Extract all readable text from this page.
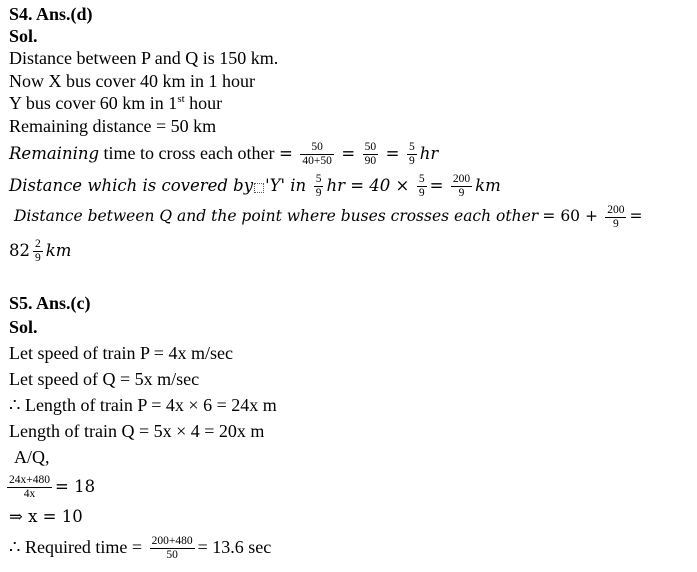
S4. Ans.(d)
Sol.
Distance between P and Q is 150 km.
Now X bus cover 40 km in 1 hour
Y bus cover 60 km in 1st hour
Remaining distance = 50 km
Remaining time to cross each other = $\frac{50}{40+50} = \frac{50}{90} = \frac{5}{9}$ hr
Distance which is covered by 'Y' in $\frac{5}{9}$ hr = $40 \times \frac{5}{9} = \frac{200}{9}$ km
Distance between Q and the point where buses crosses each other = $60 + \frac{200}{9}$ =
$82 \frac{2}{9}$ km
S5. Ans.(c)
Sol.
Let speed of train P = 4x m/sec
Let speed of Q = 5x m/sec
∴ Length of train P = 4x × 6 = 24x m
Length of train Q = 5x × 4 = 20x m
A/Q,
$\frac{24x+480}{4x} = 18$
⇒ x = 10
∴ Required time = $\frac{200+480}{50} = 13.6$ sec
